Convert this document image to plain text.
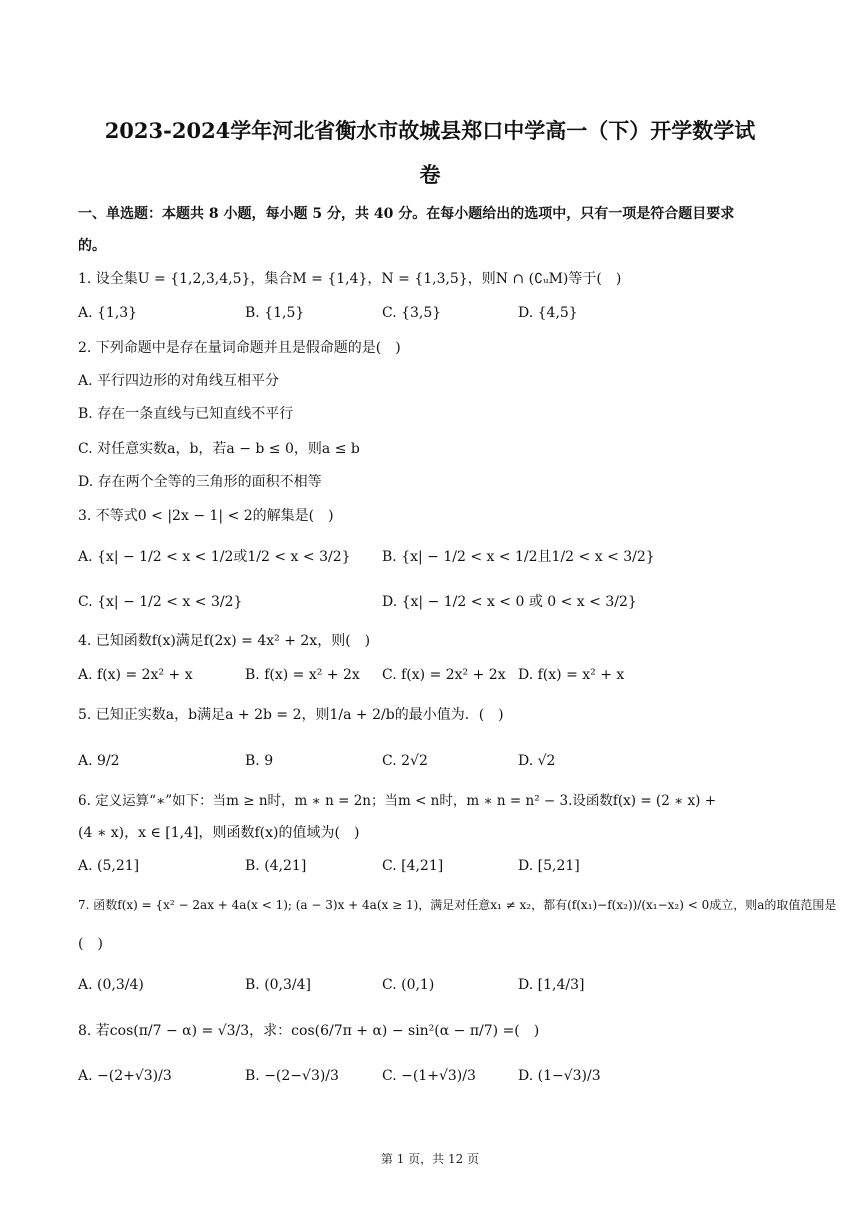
2023-2024学年河北省衡水市故城县郑口中学高一（下）开学数学试
卷
一、单选题：本题共 8 小题，每小题 5 分，共 40 分。在每小题给出的选项中，只有一项是符合题目要求
的。
1. 设全集U = {1,2,3,4,5}，集合M = {1,4}，N = {1,3,5}，则N ∩ (∁ᵤM)等于(　)
A. {1,3}	B. {1,5}	C. {3,5}	D. {4,5}
2. 下列命题中是存在量词命题并且是假命题的是(　)
A. 平行四边形的对角线互相平分
B. 存在一条直线与已知直线不平行
C. 对任意实数a，b，若a − b ≤ 0，则a ≤ b
D. 存在两个全等的三角形的面积不相等
3. 不等式0 < |2x − 1| < 2的解集是(　)
A. {x| − 1/2 < x < 1/2或1/2 < x < 3/2} B. {x| − 1/2 < x < 1/2且1/2 < x < 3/2}
C. {x| − 1/2 < x < 3/2}	D. {x| − 1/2 < x < 0 或 0 < x < 3/2}
4. 已知函数f(x)满足f(2x) = 4x² + 2x，则(　)
A. f(x) = 2x² + x	B. f(x) = x² + 2x C. f(x) = 2x² + 2x D. f(x) = x² + x
5. 已知正实数a，b满足a + 2b = 2，则1/a + 2/b的最小值为．(　)
A. 9/2	B. 9	C. 2√2	D. √2
6. 定义运算“∗”如下：当m ≥ n时，m ∗ n = 2n；当m < n时，m ∗ n = n² − 3.设函数f(x) = (2 ∗ x) +
(4 ∗ x)，x ∈ [1,4]，则函数f(x)的值域为(　)
A. (5,21]	B. (4,21]	C. [4,21]	D. [5,21]
7. 函数f(x) = {x² − 2ax + 4a(x < 1); (a − 3)x + 4a(x ≥ 1)，满足对任意x₁ ≠ x₂，都有(f(x₁)−f(x₂))/(x₁−x₂) < 0成立，则a的取值范围是
(　)
A. (0,3/4)	B. (0,3/4]	C. (0,1)	D. [1,4/3]
8. 若cos(π/7 − α) = √3/3，求：cos(6/7π + α) − sin²(α − π/7) =(　)
A. −(2+√3)/3	B. −(2−√3)/3	C. −(1+√3)/3	D. (1−√3)/3
第 1 页，共 12 页
